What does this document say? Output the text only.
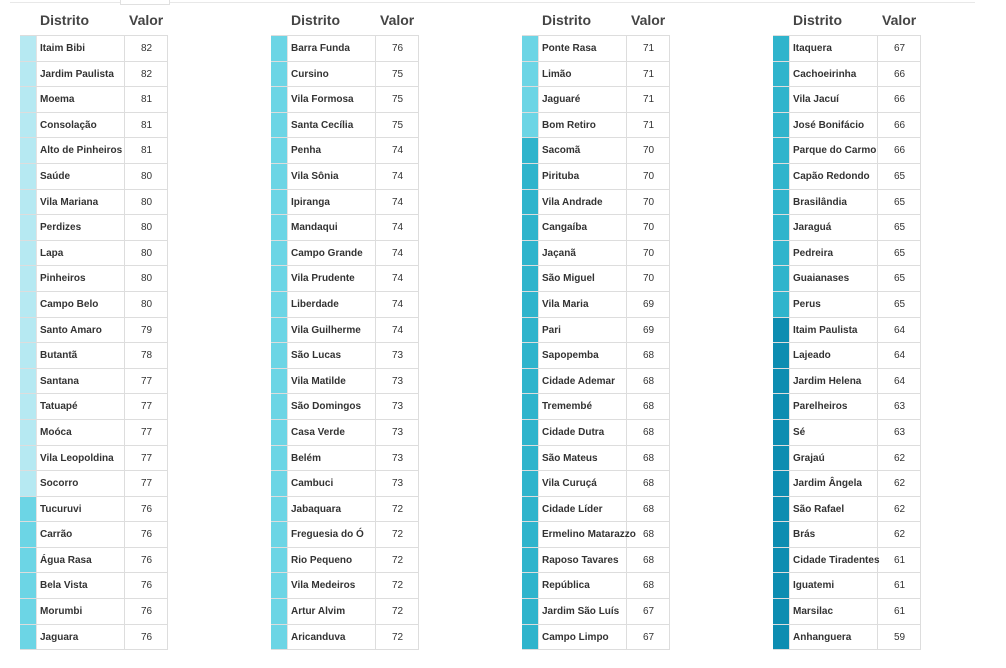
Distrito	Valor
Itaim Bibi	82
Jardim Paulista	82
Moema	81
Consolação	81
Alto de Pinheiros 81
Saúde	80
Vila Mariana	80
Perdizes	80
Lapa	80
Pinheiros	80
Campo Belo	80
Santo Amaro	79
Butantã	78
Santana	77
Tatuapé	77
Moóca	77
Vila Leopoldina	77
Socorro	77
Tucuruvi	76
Carrão	76
Água Rasa	76
Bela Vista	76
Morumbi	76
Jaguara	76
Distrito	Valor
Barra Funda	76
Cursino	75
Vila Formosa	75
Santa Cecília	75
Penha	74
Vila Sônia	74
Ipiranga	74
Mandaqui	74
Campo Grande	74
Vila Prudente	74
Liberdade	74
Vila Guilherme	74
São Lucas	73
Vila Matilde	73
São Domingos	73
Casa Verde	73
Belém	73
Cambuci	73
Jabaquara	72
Freguesia do Ó	72
Rio Pequeno	72
Vila Medeiros	72
Artur Alvim	72
Aricanduva	72
Distrito	Valor
Ponte Rasa	71
Limão	71
Jaguaré	71
Bom Retiro	71
Sacomã	70
Pirituba	70
Vila Andrade	70
Cangaíba	70
Jaçanã	70
São Miguel	70
Vila Maria	69
Pari	69
Sapopemba	68
Cidade Ademar	68
Tremembé	68
Cidade Dutra	68
São Mateus	68
Vila Curuçá	68
Cidade Líder	68
Ermelino Matarazzo 68
Raposo Tavares 68
República	68
Jardim São Luís 67
Campo Limpo	67
Distrito	Valor
Itaquera	67
Cachoeirinha	66
Vila Jacuí	66
José Bonifácio	66
Parque do Carmo 66
Capão Redondo 65
Brasilândia	65
Jaraguá	65
Pedreira	65
Guaianases	65
Perus	65
Itaim Paulista	64
Lajeado	64
Jardim Helena	64
Parelheiros	63
Sé	63
Grajaú	62
Jardim Ângela	62
São Rafael	62
Brás	62
Cidade Tiradentes 61
Iguatemi	61
Marsilac	61
Anhanguera	59
